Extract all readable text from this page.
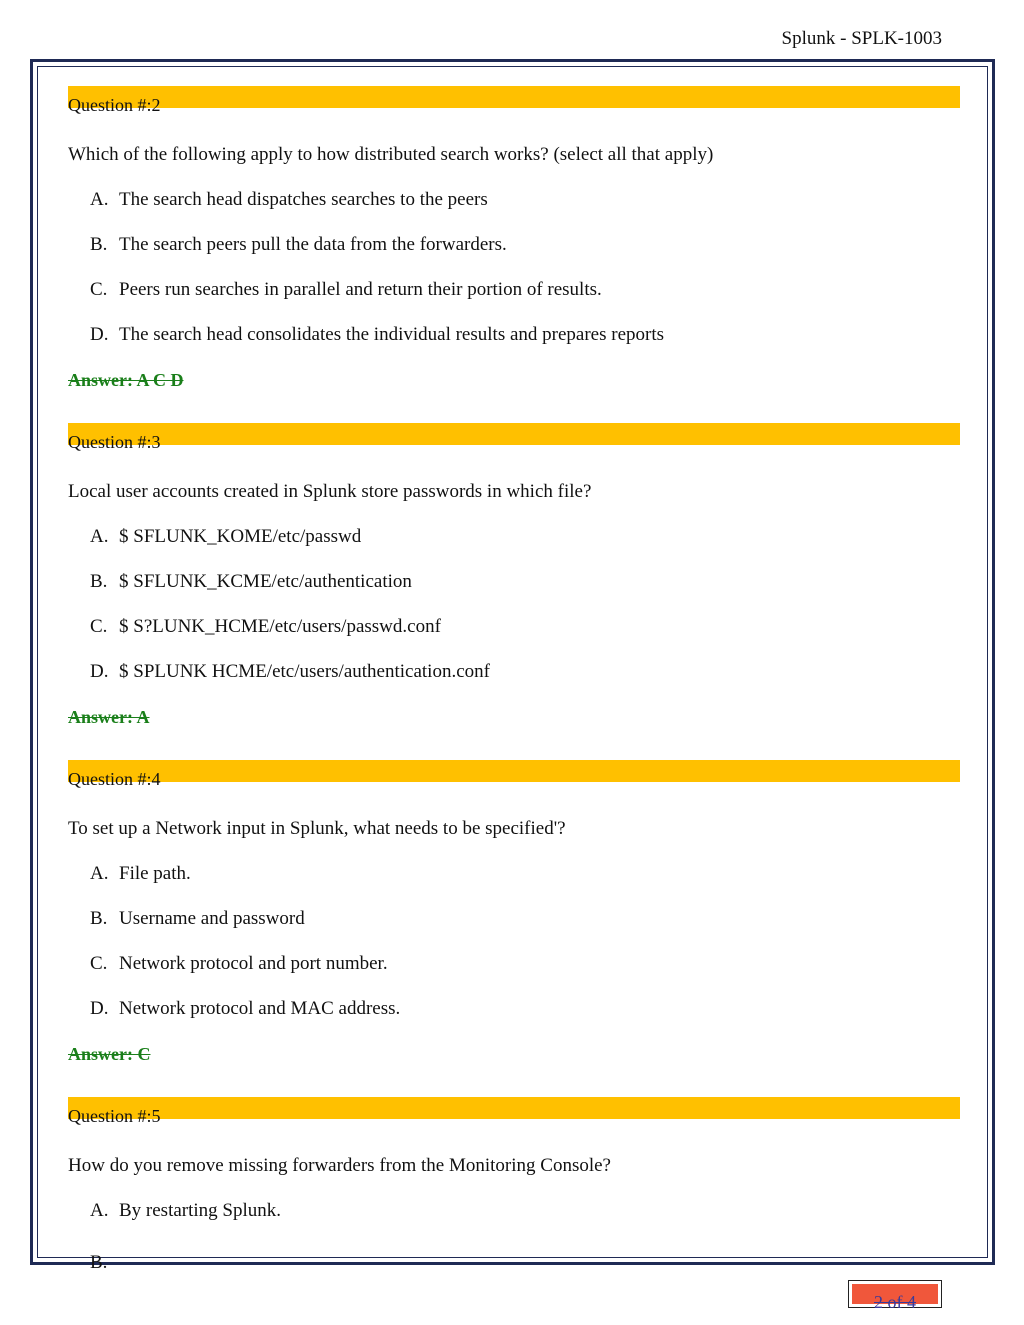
Splunk - SPLK-1003
Question #:2
Which of the following apply to how distributed search works? (select all that apply)
A. The search head dispatches searches to the peers
B. The search peers pull the data from the forwarders.
C. Peers run searches in parallel and return their portion of results.
D. The search head consolidates the individual results and prepares reports
Answer: A C D
Question #:3
Local user accounts created in Splunk store passwords in which file?
A. $ SFLUNK_KOME/etc/passwd
B. $ SFLUNK_KCME/etc/authentication
C. $ S?LUNK_HCME/etc/users/passwd.conf
D. $ SPLUNK HCME/etc/users/authentication.conf
Answer: A
Question #:4
To set up a Network input in Splunk, what needs to be specified'?
A. File path.
B. Username and password
C. Network protocol and port number.
D. Network protocol and MAC address.
Answer: C
Question #:5
How do you remove missing forwarders from the Monitoring Console?
A. By restarting Splunk.
B.
2 of 4
